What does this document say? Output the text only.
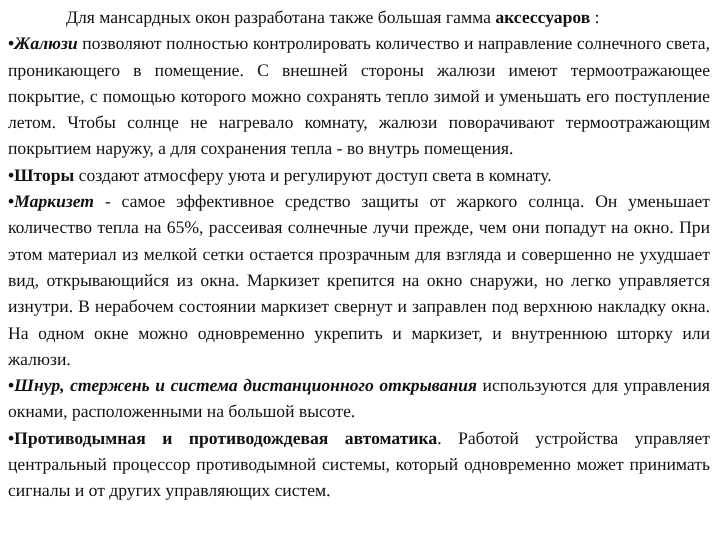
Для мансардных окон разработана также большая гамма аксессуаров :

•Жалюзи позволяют полностью контролировать количество и направление солнечного света, проникающего в помещение. С внешней стороны жалюзи имеют термоотражающее покрытие, с помощью которого можно сохранять тепло зимой и уменьшать его поступление летом. Чтобы солнце не нагревало комнату, жалюзи поворачивают термоотражающим покрытием наружу, а для сохранения тепла - во внутрь помещения.

•Шторы создают атмосферу уюта и регулируют доступ света в комнату.

•Маркизет - самое эффективное средство защиты от жаркого солнца. Он уменьшает количество тепла на 65%, рассеивая солнечные лучи прежде, чем они попадут на окно. При этом материал из мелкой сетки остается прозрачным для взгляда и совершенно не ухудшает вид, открывающийся из окна. Маркизет крепится на окно снаружи, но легко управляется изнутри. В нерабочем состоянии маркизет свернут и заправлен под верхнюю накладку окна. На одном окне можно одновременно укрепить и маркизет, и внутреннюю шторку или жалюзи.

•Шнур, стержень и система дистанционного открывания используются для управления окнами, расположенными на большой высоте.

•Противодымная и противодождевая автоматика. Работой устройства управляет центральный процессор противодымной системы, который одновременно может принимать сигналы и от других управляющих систем.
